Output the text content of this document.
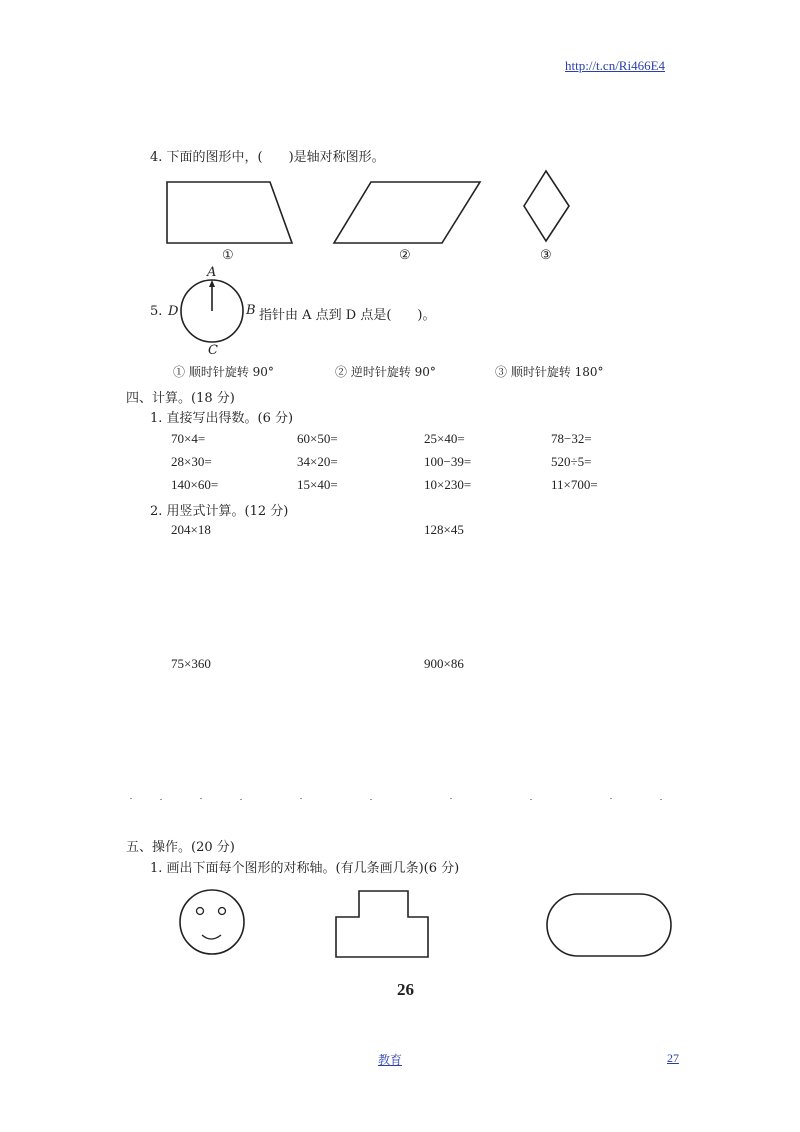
http://t.cn/Ri466E4
4. 下面的图形中，(　　)是轴对称图形。
①	②	③
5.
A
B
C
D	指针由 A 点到 D 点是(　　)。
① 顺时针旋转 90°	② 逆时针旋转 90°	③ 顺时针旋转 180°
四、计算。(18 分)
1. 直接写出得数。(6 分)
70×4=	60×50=	25×40=	78−32=
28×30=	34×20=	100−39=	520÷5=
140×60=	15×40=	10×230=	11×700=
2. 用竖式计算。(12 分)
204×18	128×45
75×360	900×86
五、操作。(20 分)
1. 画出下面每个图形的对称轴。(有几条画几条)(6 分)
26
教育	27
